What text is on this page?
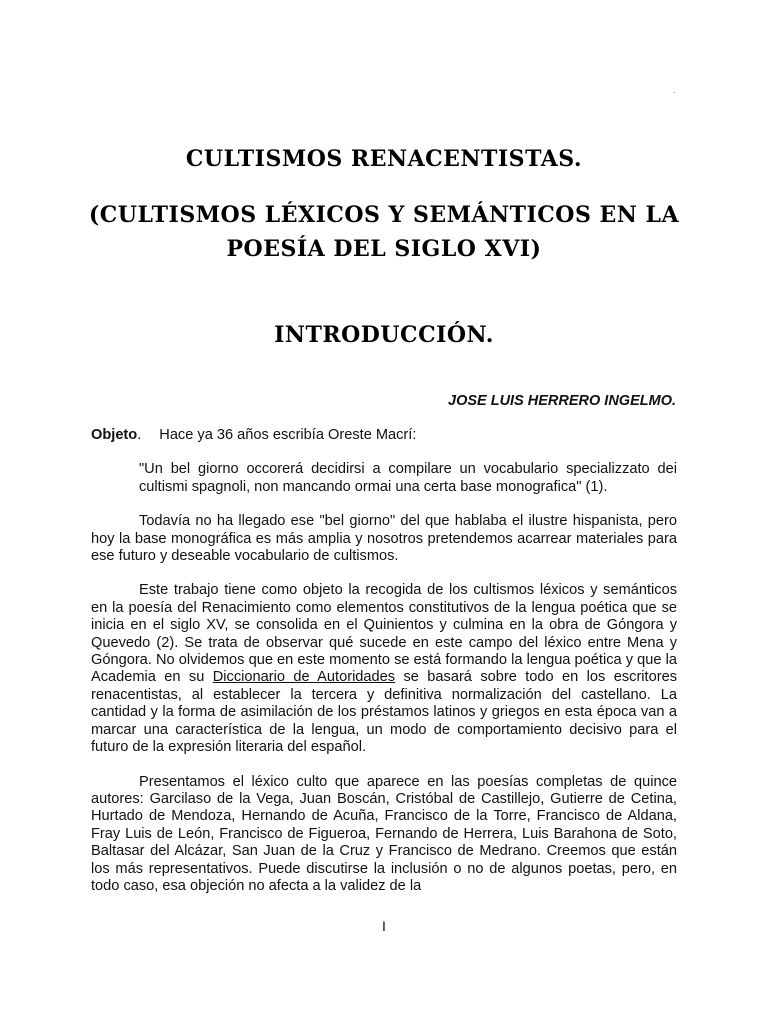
.
CULTISMOS RENACENTISTAS.
(CULTISMOS LÉXICOS Y SEMÁNTICOS EN LA
POESÍA DEL SIGLO XVI)
INTRODUCCIÓN.
JOSE LUIS HERRERO INGELMO.

Objeto. Hace ya 36 años escribía Oreste Macrí:

"Un bel giorno occorerá decidirsi a compilare un vocabulario specializzato dei cultismi spagnoli, non mancando ormai una certa base monografica" (1).

Todavía no ha llegado ese "bel giorno" del que hablaba el ilustre hispanista, pero hoy la base monográfica es más amplia y nosotros pretendemos acarrear materiales para ese futuro y deseable vocabulario de cultismos.

Este trabajo tiene como objeto la recogida de los cultismos léxicos y semánticos en la poesía del Renacimiento como elementos constitutivos de la lengua poética que se inicia en el siglo XV, se consolida en el Quinientos y culmina en la obra de Góngora y Quevedo (2). Se trata de observar qué sucede en este campo del léxico entre Mena y Góngora. No olvidemos que en este momento se está formando la lengua poética y que la Academia en su Diccionario de Autoridades se basará sobre todo en los escritores renacentistas, al establecer la tercera y definitiva normalización del castellano. La cantidad y la forma de asimilación de los préstamos latinos y griegos en esta época van a marcar una característica de la lengua, un modo de comportamiento decisivo para el futuro de la expresión literaria del español.

Presentamos el léxico culto que aparece en las poesías completas de quince autores: Garcilaso de la Vega, Juan Boscán, Cristóbal de Castillejo, Gutierre de Cetina, Hurtado de Mendoza, Hernando de Acuña, Francisco de la Torre, Francisco de Aldana, Fray Luis de León, Francisco de Figueroa, Fernando de Herrera, Luis Barahona de Soto, Baltasar del Alcázar, San Juan de la Cruz y Francisco de Medrano. Creemos que están los más representativos. Puede discutirse la inclusión o no de algunos poetas, pero, en todo caso, esa objeción no afecta a la validez de la

I
